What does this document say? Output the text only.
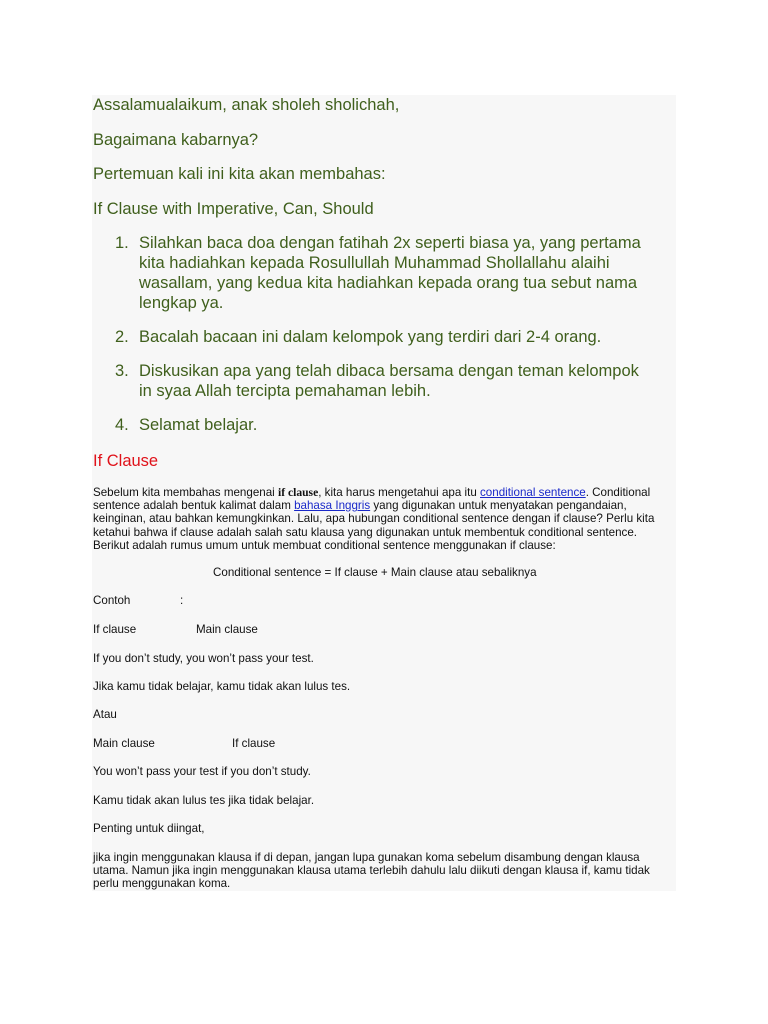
Assalamualaikum, anak sholeh sholichah,

Bagaimana kabarnya?

Pertemuan kali ini kita akan membahas:

If Clause with Imperative, Can, Should

1. Silahkan baca doa dengan fatihah 2x seperti biasa ya, yang pertama kita hadiahkan kepada Rosullullah Muhammad Shollallahu alaihi wasallam, yang kedua kita hadiahkan kepada orang tua sebut nama lengkap ya.
2. Bacalah bacaan ini dalam kelompok yang terdiri dari 2-4 orang.
3. Diskusikan apa yang telah dibaca bersama dengan teman kelompok in syaa Allah tercipta pemahaman lebih.
4. Selamat belajar.
If Clause

Sebelum kita membahas mengenai if clause, kita harus mengetahui apa itu conditional sentence. Conditional sentence adalah bentuk kalimat dalam bahasa Inggris yang digunakan untuk menyatakan pengandaian, keinginan, atau bahkan kemungkinkan. Lalu, apa hubungan conditional sentence dengan if clause? Perlu kita ketahui bahwa if clause adalah salah satu klausa yang digunakan untuk membentuk conditional sentence. Berikut adalah rumus umum untuk membuat conditional sentence menggunakan if clause:

Conditional sentence = If clause + Main clause atau sebaliknya
Contoh	:
If clause	Main clause
If you don’t study, you won’t pass your test.
Jika kamu tidak belajar, kamu tidak akan lulus tes.
Atau
Main clause	If clause
You won’t pass your test if you don’t study.
Kamu tidak akan lulus tes jika tidak belajar.
Penting untuk diingat,

jika ingin menggunakan klausa if di depan, jangan lupa gunakan koma sebelum disambung dengan klausa utama. Namun jika ingin menggunakan klausa utama terlebih dahulu lalu diikuti dengan klausa if, kamu tidak perlu menggunakan koma.
